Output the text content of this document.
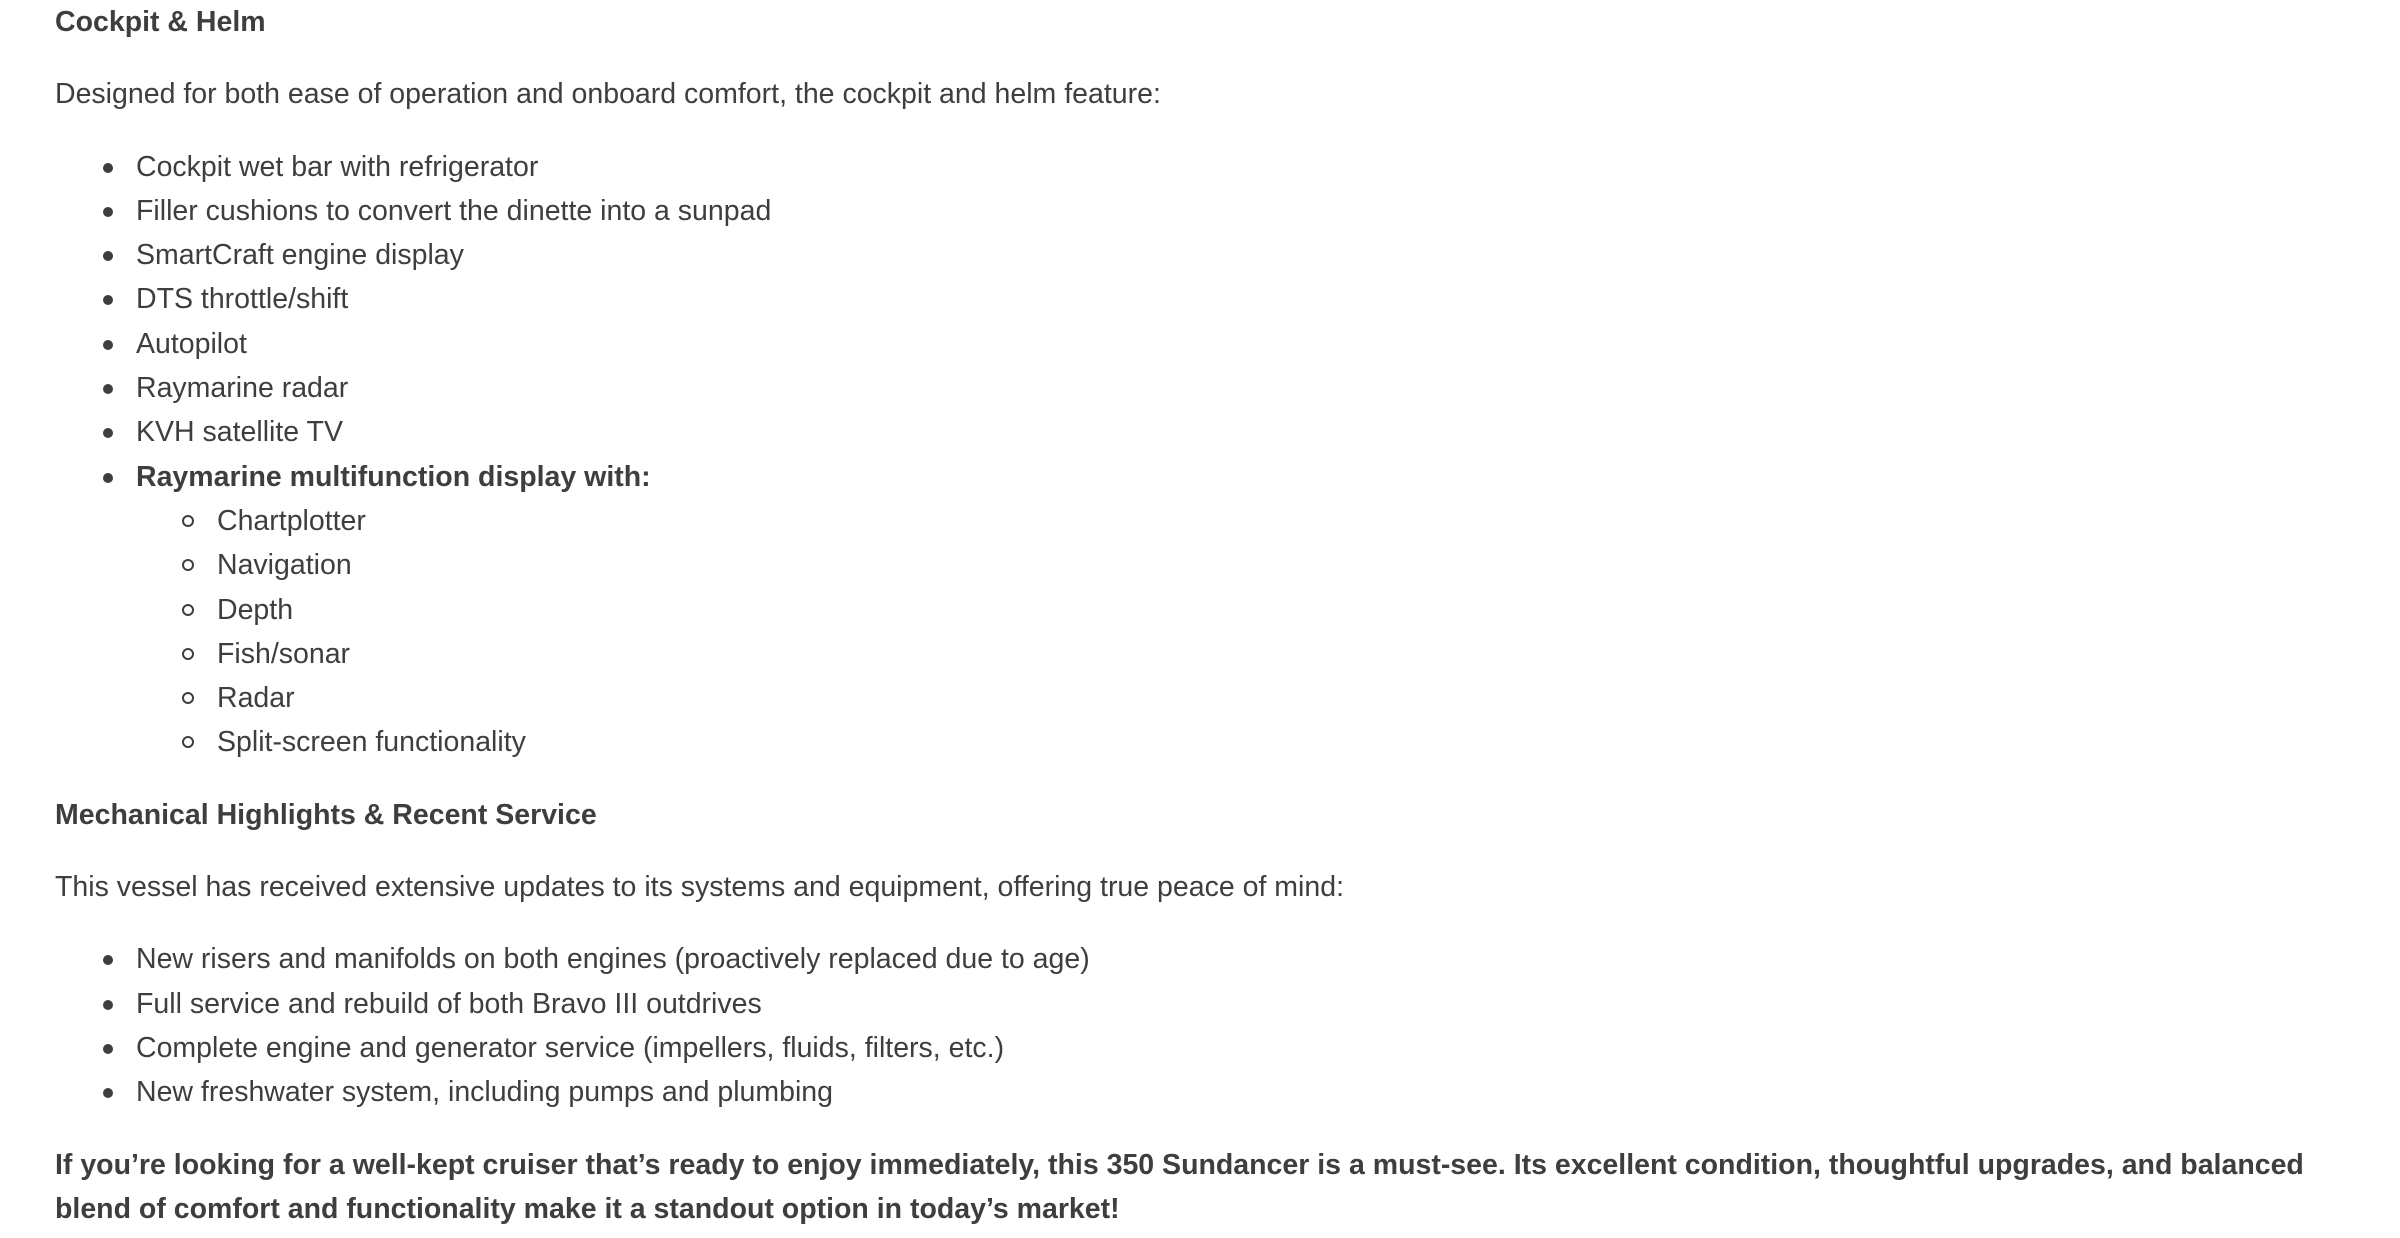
Cockpit & Helm

Designed for both ease of operation and onboard comfort, the cockpit and helm feature:

Cockpit wet bar with refrigerator
Filler cushions to convert the dinette into a sunpad
SmartCraft engine display
DTS throttle/shift
Autopilot
Raymarine radar
KVH satellite TV
Raymarine multifunction display with:
Chartplotter
Navigation
Depth
Fish/sonar
Radar
Split-screen functionality

Mechanical Highlights & Recent Service

This vessel has received extensive updates to its systems and equipment, offering true peace of mind:

New risers and manifolds on both engines (proactively replaced due to age)
Full service and rebuild of both Bravo III outdrives
Complete engine and generator service (impellers, fluids, filters, etc.)
New freshwater system, including pumps and plumbing

If you’re looking for a well-kept cruiser that’s ready to enjoy immediately, this 350 Sundancer is a must-see. Its excellent condition, thoughtful upgrades, and balanced blend of comfort and functionality make it a standout option in today’s market!
